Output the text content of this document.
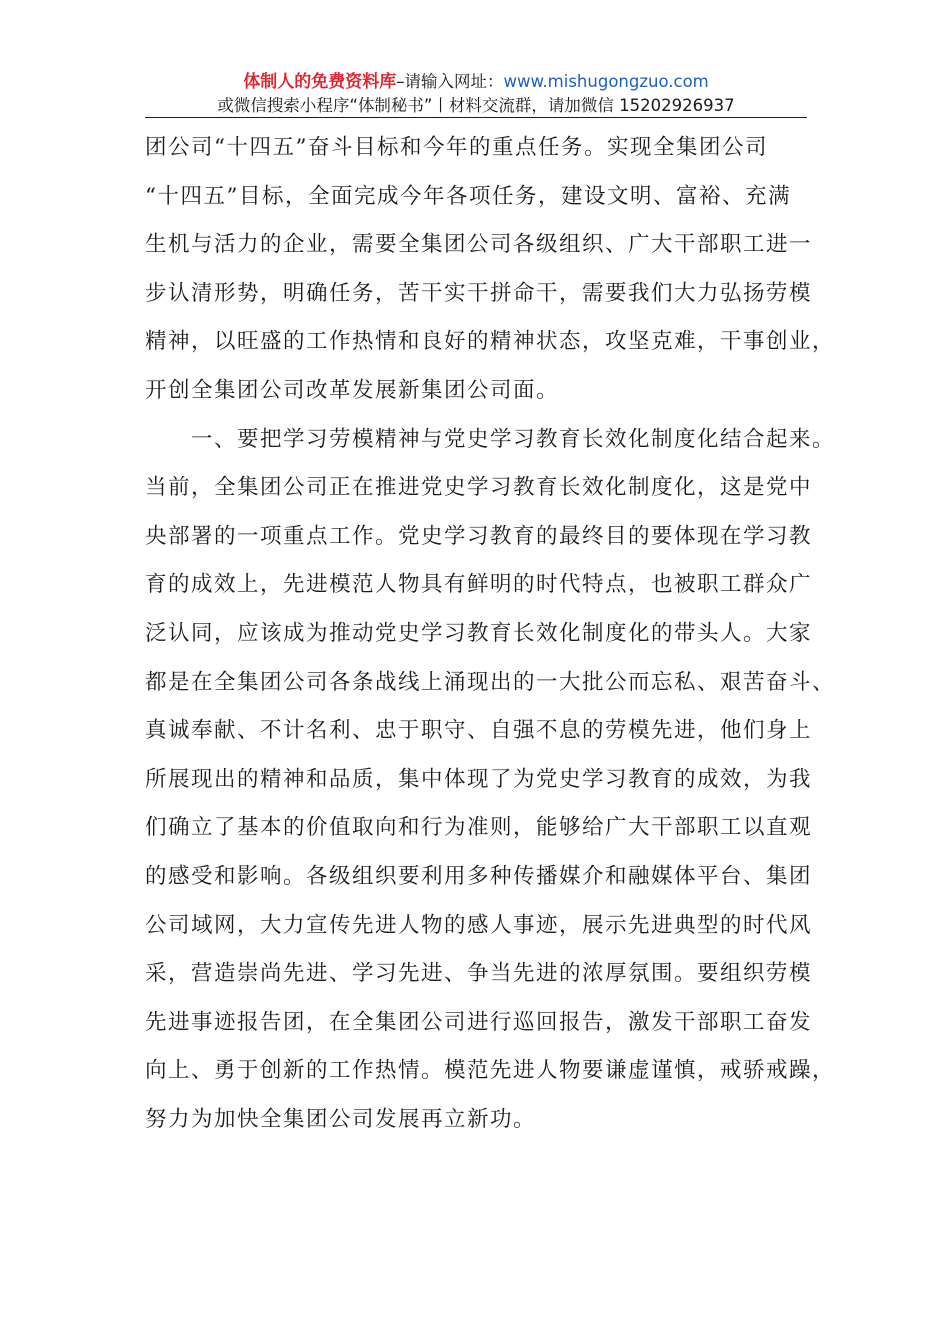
体制人的免费资料库–请输入网址：www.mishugongzuo.com
或微信搜索小程序“体制秘书”丨材料交流群，请加微信 15202926937
团公司“十四五”奋斗目标和今年的重点任务。实现全集团公司
“十四五”目标，全面完成今年各项任务，建设文明、富裕、充满
生机与活力的企业，需要全集团公司各级组织、广大干部职工进一
步认清形势，明确任务，苦干实干拼命干，需要我们大力弘扬劳模
精神，以旺盛的工作热情和良好的精神状态，攻坚克难，干事创业，
开创全集团公司改革发展新集团公司面。
　　一、要把学习劳模精神与党史学习教育长效化制度化结合起来。
当前，全集团公司正在推进党史学习教育长效化制度化，这是党中
央部署的一项重点工作。党史学习教育的最终目的要体现在学习教
育的成效上，先进模范人物具有鲜明的时代特点，也被职工群众广
泛认同，应该成为推动党史学习教育长效化制度化的带头人。大家
都是在全集团公司各条战线上涌现出的一大批公而忘私、艰苦奋斗、
真诚奉献、不计名利、忠于职守、自强不息的劳模先进，他们身上
所展现出的精神和品质，集中体现了为党史学习教育的成效，为我
们确立了基本的价值取向和行为准则，能够给广大干部职工以直观
的感受和影响。各级组织要利用多种传播媒介和融媒体平台、集团
公司域网，大力宣传先进人物的感人事迹，展示先进典型的时代风
采，营造崇尚先进、学习先进、争当先进的浓厚氛围。要组织劳模
先进事迹报告团，在全集团公司进行巡回报告，激发干部职工奋发
向上、勇于创新的工作热情。模范先进人物要谦虚谨慎，戒骄戒躁，
努力为加快全集团公司发展再立新功。
